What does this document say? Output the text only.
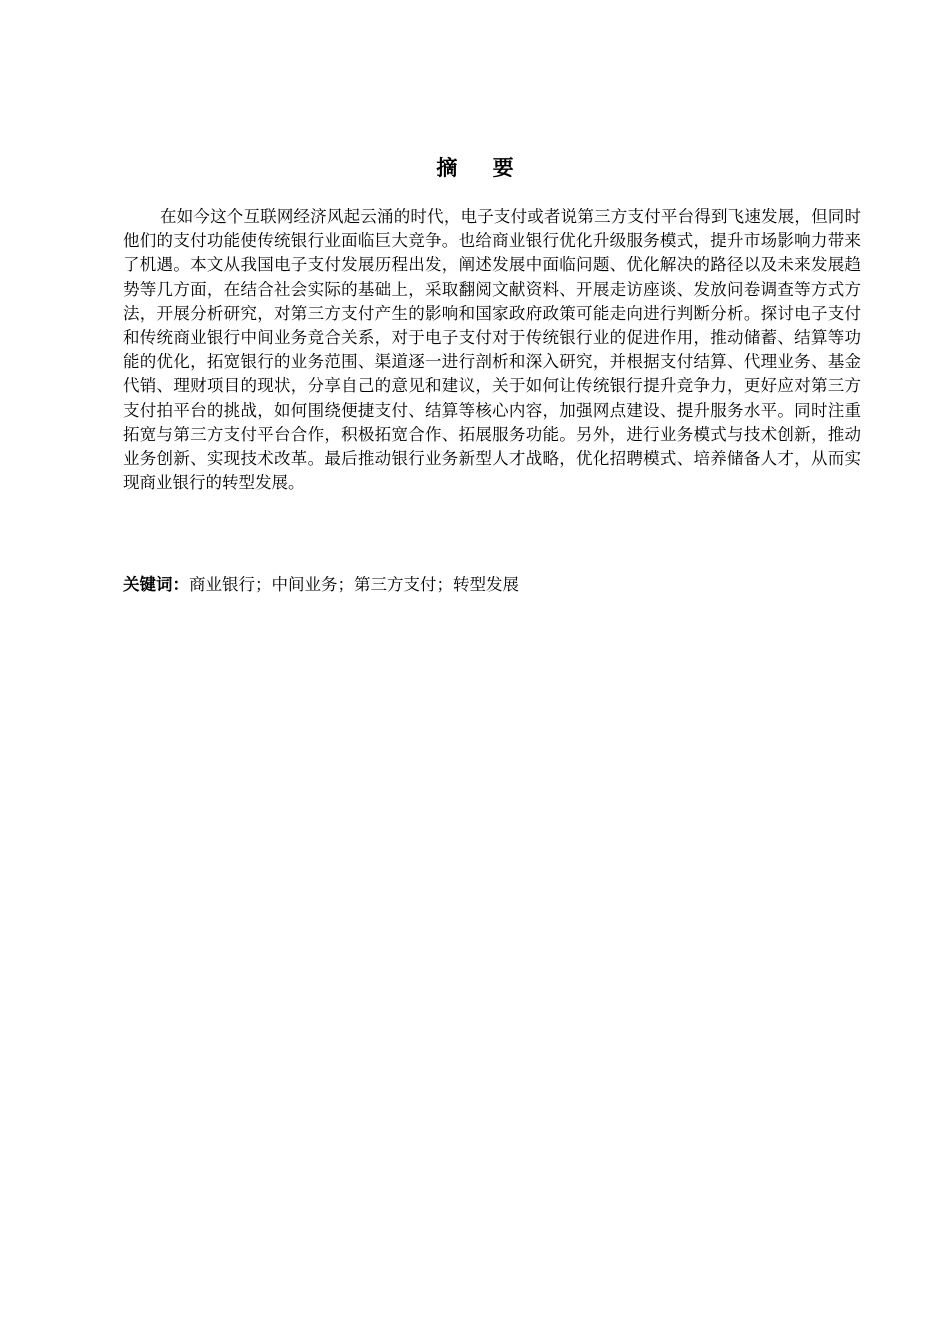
摘 要

在如今这个互联网经济风起云涌的时代，电子支付或者说第三方支付平台得到飞速发展，但同时他们的支付功能使传统银行业面临巨大竞争。也给商业银行优化升级服务模式，提升市场影响力带来了机遇。本文从我国电子支付发展历程出发，阐述发展中面临问题、优化解决的路径以及未来发展趋势等几方面，在结合社会实际的基础上，采取翻阅文献资料、开展走访座谈、发放问卷调查等方式方法，开展分析研究，对第三方支付产生的影响和国家政府政策可能走向进行判断分析。探讨电子支付和传统商业银行中间业务竞合关系，对于电子支付对于传统银行业的促进作用，推动储蓄、结算等功能的优化，拓宽银行的业务范围、渠道逐一进行剖析和深入研究，并根据支付结算、代理业务、基金代销、理财项目的现状，分享自己的意见和建议，关于如何让传统银行提升竞争力，更好应对第三方支付拍平台的挑战，如何围绕便捷支付、结算等核心内容，加强网点建设、提升服务水平。同时注重拓宽与第三方支付平台合作，积极拓宽合作、拓展服务功能。另外，进行业务模式与技术创新，推动业务创新、实现技术改革。最后推动银行业务新型人才战略，优化招聘模式、培养储备人才，从而实现商业银行的转型发展。

关键词：商业银行；中间业务；第三方支付；转型发展
